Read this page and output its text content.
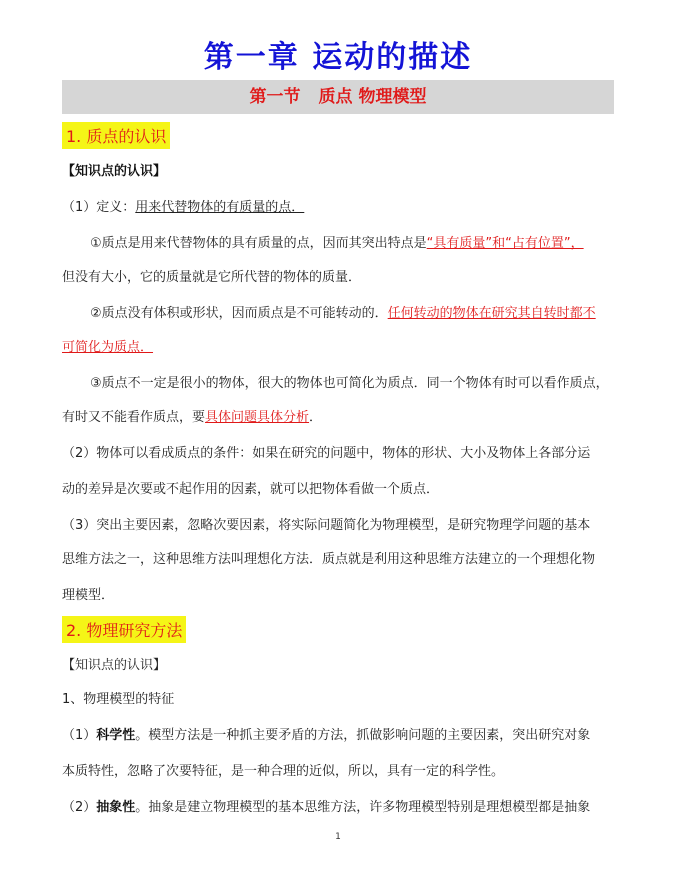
第一章 运动的描述
第一节 质点 物理模型
1. 质点的认识
【知识点的认识】
（1）定义：用来代替物体的有质量的点．
①质点是用来代替物体的具有质量的点，因而其突出特点是“具有质量”和“占有位置”，
但没有大小，它的质量就是它所代替的物体的质量．
②质点没有体积或形状，因而质点是不可能转动的．任何转动的物体在研究其自转时都不
可简化为质点．
③质点不一定是很小的物体，很大的物体也可简化为质点．同一个物体有时可以看作质点，
有时又不能看作质点，要具体问题具体分析．
（2）物体可以看成质点的条件：如果在研究的问题中，物体的形状、大小及物体上各部分运
动的差异是次要或不起作用的因素，就可以把物体看做一个质点．
（3）突出主要因素，忽略次要因素，将实际问题简化为物理模型，是研究物理学问题的基本
思维方法之一，这种思维方法叫理想化方法．质点就是利用这种思维方法建立的一个理想化物
理模型．
2. 物理研究方法
【知识点的认识】
1、物理模型的特征
（1）科学性。模型方法是一种抓主要矛盾的方法，抓做影响问题的主要因素，突出研究对象
本质特性，忽略了次要特征，是一种合理的近似，所以，具有一定的科学性。
（2）抽象性。抽象是建立物理模型的基本思维方法，许多物理模型特别是理想模型都是抽象
1
